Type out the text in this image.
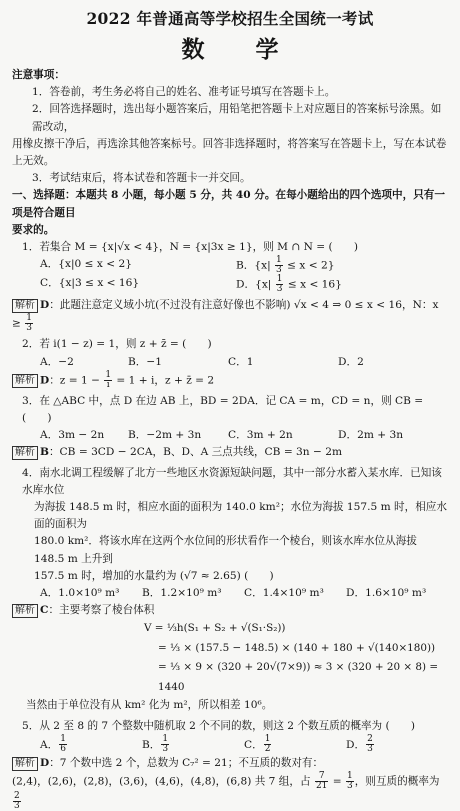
2022 年普通高等学校招生全国统一考试
数　学
注意事项：
1．答卷前，考生务必将自己的姓名、准考证号填写在答题卡上。
2．回答选择题时，选出每小题答案后，用铅笔把答题卡上对应题目的答案标号涂黑。如需改动，
用橡皮擦干净后，再选涂其他答案标号。回答非选择题时，将答案写在答题卡上，写在本试卷上无效。
3．考试结束后，将本试卷和答题卡一并交回。
一、选择题：本题共 8 小题，每小题 5 分，共 40 分。在每小题给出的四个选项中，只有一项是符合题目
要求的。
1．若集合 M = {x|√x < 4}，N = {x|3x ≥ 1}，则 M ∩ N = (　　)
A．{x|0 ≤ x < 2}	B．$\{x| \frac{1}{3} \le x < 2\}$
C．{x|3 ≤ x < 16}	D．$\{x| \frac{1}{3} \le x < 16\}$
解析 D：此题注意定义域小坑(不过没有注意好像也不影响) √x < 4 ⇒ 0 ≤ x < 16，N：$x \ge \frac{1}{3}$
2．若 i(1 − z) = 1，则 z + z̄ = (　　)
A．−2	B．−1	C．1	D．2
解析 D：$z = 1 - \frac{1}{i} = 1 + i$，z + z̄ = 2
3．在 △ABC 中，点 D 在边 AB 上，BD = 2DA．记 CA = m，CD = n，则 CB = (　　)
A．3m − 2n	B．−2m + 3n	C．3m + 2n	D．2m + 3n
解析 B：CB = 3CD − 2CA，B、D、A 三点共线，CB = 3n − 2m
4．南水北调工程缓解了北方一些地区水资源短缺问题，其中一部分水蓄入某水库．已知该水库水位
为海拔 148.5 m 时，相应水面的面积为 140.0 km²；水位为海拔 157.5 m 时，相应水面的面积为
180.0 km²．将该水库在这两个水位间的形状看作一个棱台，则该水库水位从海拔 148.5 m 上升到
157.5 m 时，增加的水量约为 (√7 ≈ 2.65) (　　)
A．1.0×10⁹ m³	B．1.2×10⁹ m³	C．1.4×10⁹ m³	D．1.6×10⁹ m³
解析 C：主要考察了棱台体积
V = ⅓h(S₁ + S₂ + √(S₁·S₂))
= ⅓ × (157.5 − 148.5) × (140 + 180 + √(140×180))
= ⅓ × 9 × (320 + 20√(7×9)) ≈ 3 × (320 + 20 × 8) = 1440
当然由于单位没有从 km² 化为 m²，所以相差 10⁶。
5．从 2 至 8 的 7 个整数中随机取 2 个不同的数，则这 2 个数互质的概率为 (　　)
A． $\frac{1}{6}$	B． $\frac{1}{3}$	C． $\frac{1}{2}$	D． $\frac{2}{3}$
解析 D：7 个数中选 2 个，总数为 C₇² = 21；不互质的数对有：
(2,4)，(2,6)，(2,8)，(3,6)，(4,6)，(4,8)，(6,8) 共 7 组，占 $\frac{7}{21} = \frac{1}{3}$ ，则互质的概率为
$\frac{2}{3}$
